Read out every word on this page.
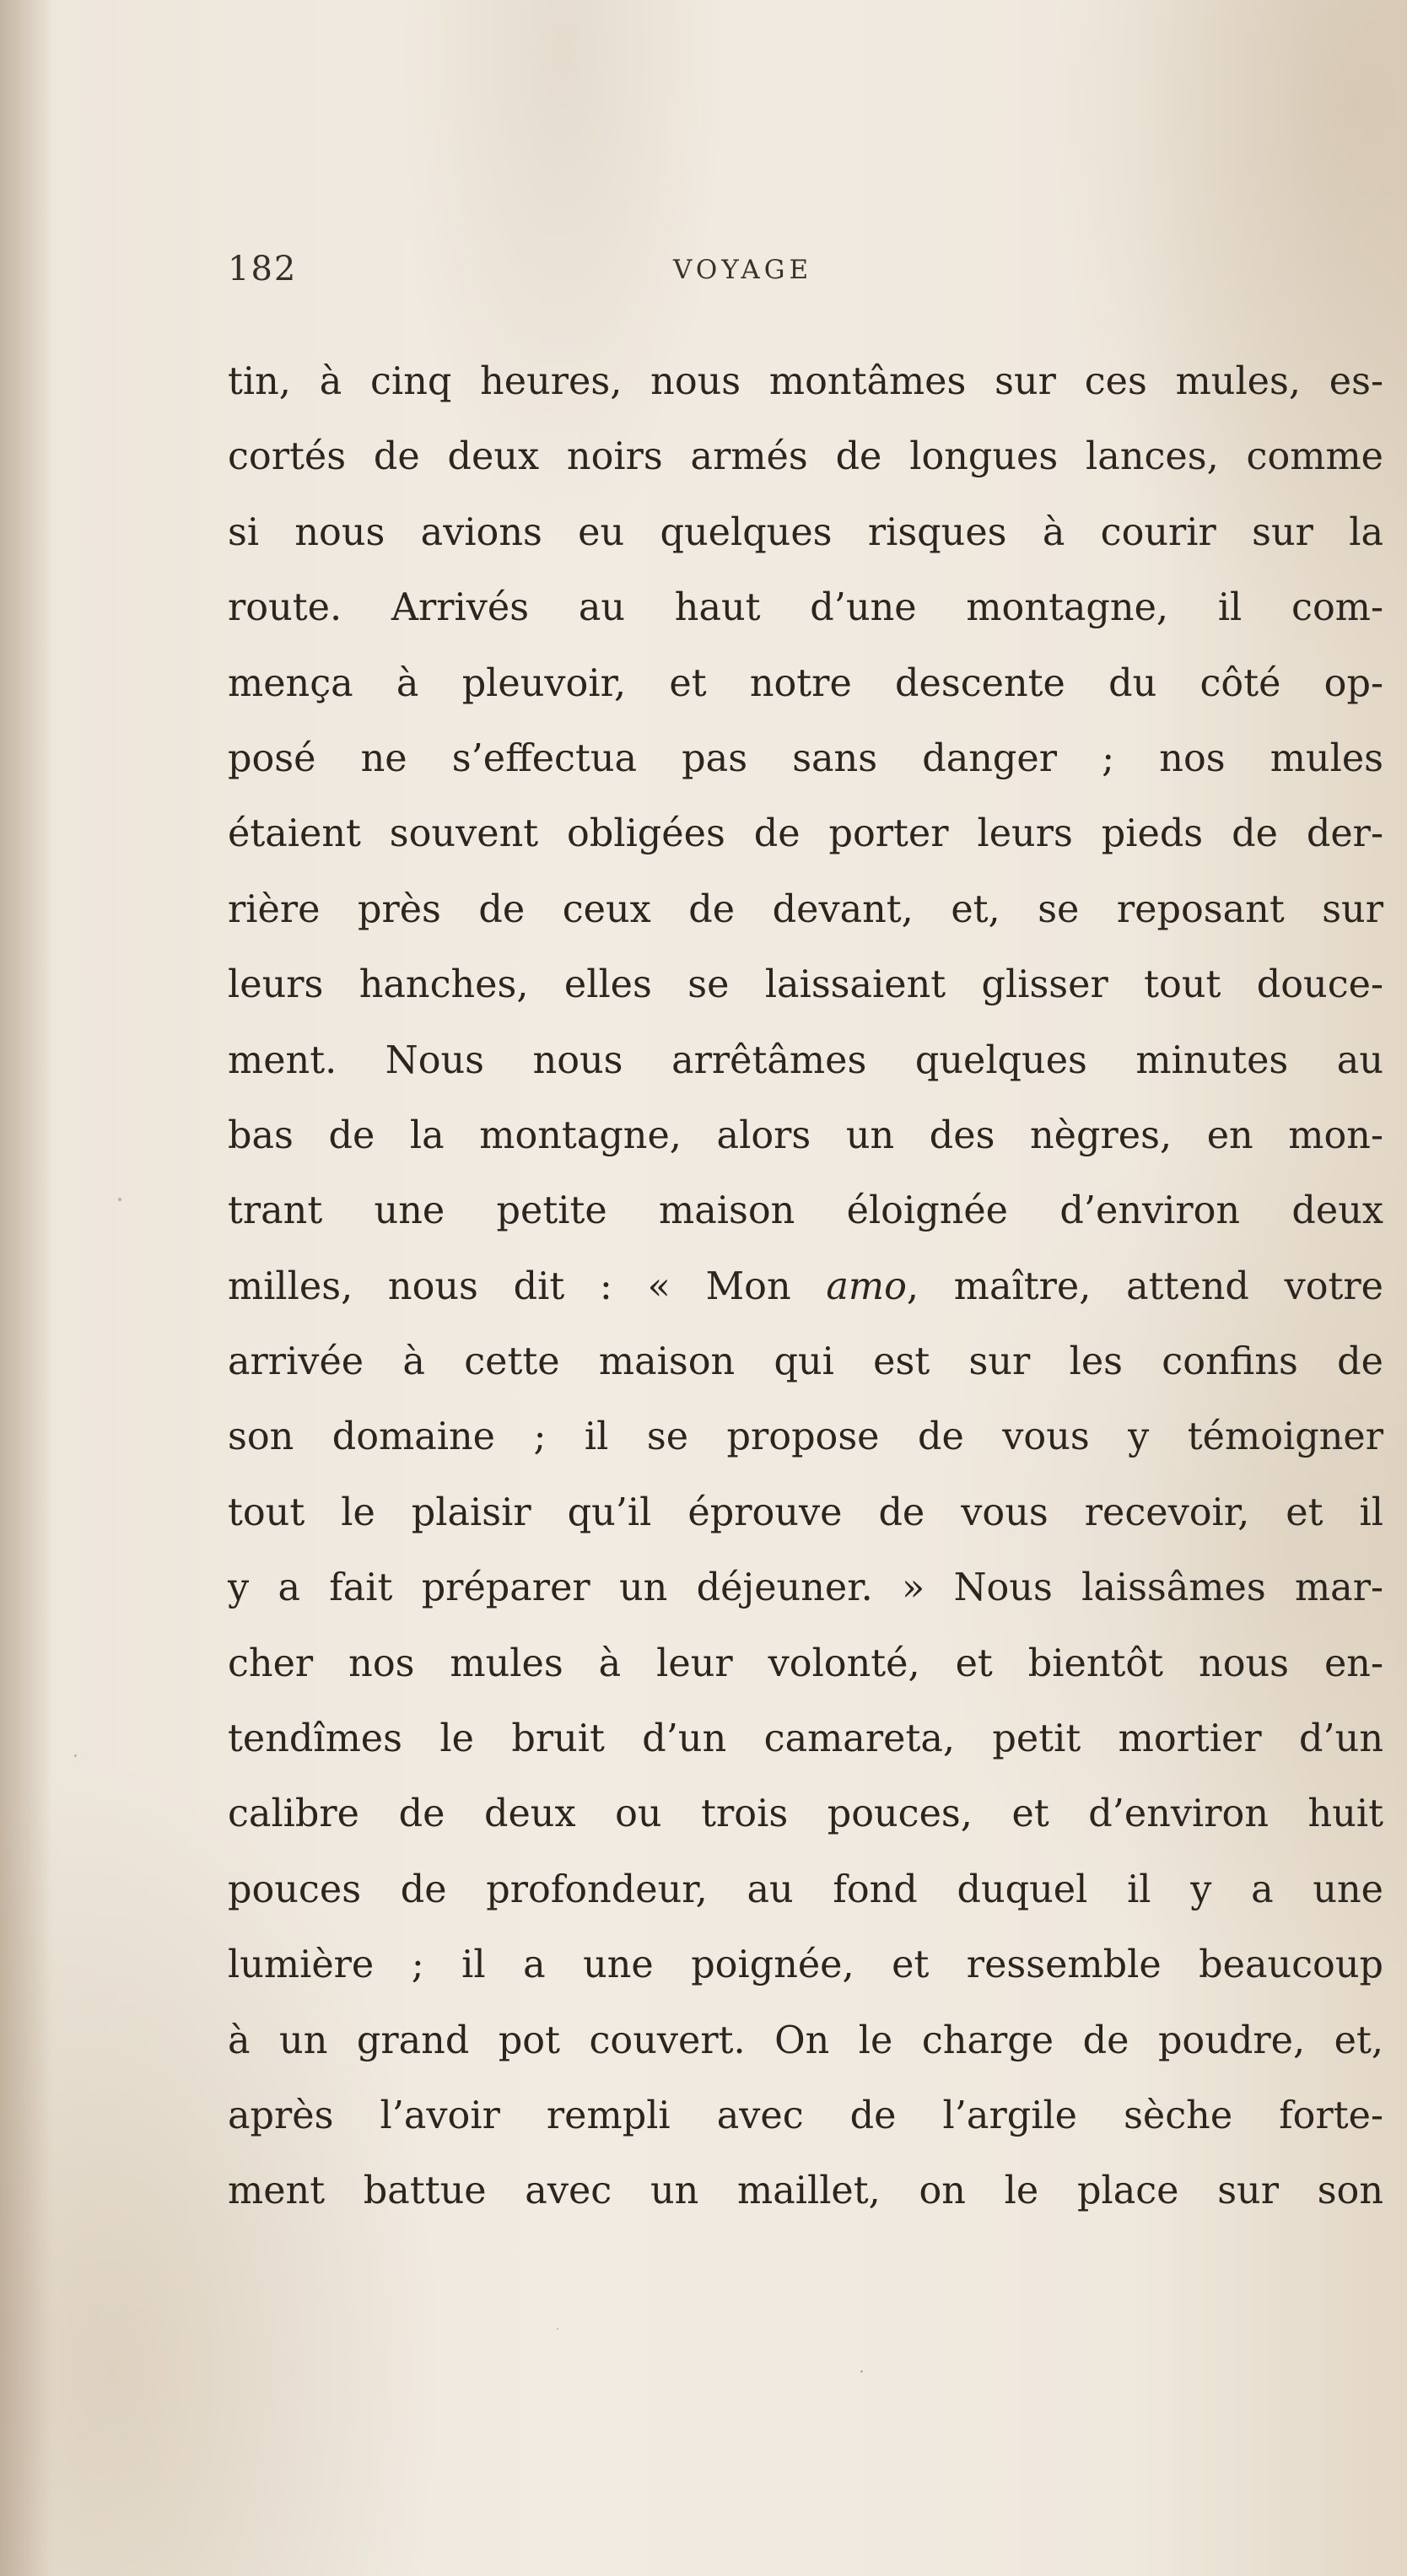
182	VOYAGE
tin, à cinq heures, nous montâmes sur ces mules, es-
cortés de deux noirs armés de longues lances, comme
si nous avions eu quelques risques à courir sur la
route. Arrivés au haut d’une montagne, il com-
mença à pleuvoir, et notre descente du côté op-
posé ne s’effectua pas sans danger ; nos mules
étaient souvent obligées de porter leurs pieds de der-
rière près de ceux de devant, et, se reposant sur
leurs hanches, elles se laissaient glisser tout douce-
ment. Nous nous arrêtâmes quelques minutes au
bas de la montagne, alors un des nègres, en mon-
trant une petite maison éloignée d’environ deux
milles, nous dit : « Mon amo, maître, attend votre
arrivée à cette maison qui est sur les confins de
son domaine ; il se propose de vous y témoigner
tout le plaisir qu’il éprouve de vous recevoir, et il
y a fait préparer un déjeuner. » Nous laissâmes mar-
cher nos mules à leur volonté, et bientôt nous en-
tendîmes le bruit d’un camareta, petit mortier d’un
calibre de deux ou trois pouces, et d’environ huit
pouces de profondeur, au fond duquel il y a une
lumière ; il a une poignée, et ressemble beaucoup
à un grand pot couvert. On le charge de poudre, et,
après l’avoir rempli avec de l’argile sèche forte-
ment battue avec un maillet, on le place sur son
